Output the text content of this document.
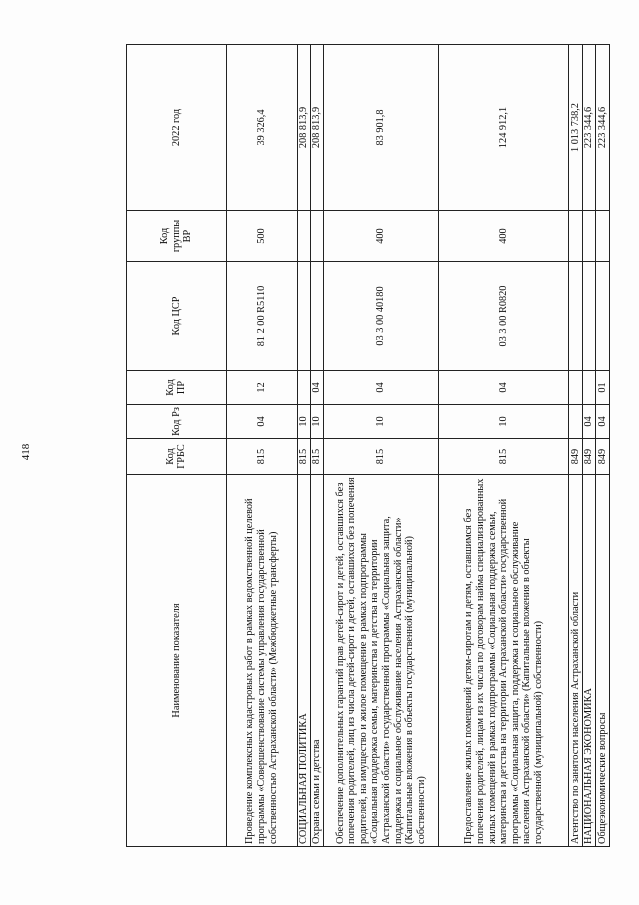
418
Наименование показателя	Код ГРБС	Код Рз	Код ПР	Код ЦСР	Код группы ВР	2022 год
Проведение комплексных кадастровых работ в рамках ведомственной целевой программы «Совершенствование системы управления государственной собственностью Астраханской области» (Межбюджетные трансферты)	815	04	12	81 2 00 R5110	500	39 326,4
СОЦИАЛЬНАЯ ПОЛИТИКА	815	10				208 813,9
Охрана семьи и детства	815	10	04			208 813,9
Обеспечение дополнительных гарантий прав детей-сирот и детей, оставшихся без попечения родителей, лиц из числа детей-сирот и детей, оставшихся без попечения родителей, на имущество и жилое помещение в рамках подпрограммы «Социальная поддержка семьи, материнства и детства на территории Астраханской области» государственной программы «Социальная защита, поддержка и социальное обслуживание населения Астраханской области» (Капитальные вложения в объекты государственной (муниципальной) собственности)	815	10	04	03 3 00 40180	400	83 901,8
Предоставление жилых помещений детям-сиротам и детям, оставшимся без попечения родителей, лицам из их числа по договорам найма специализированных жилых помещений в рамках подпрограммы «Социальная поддержка семьи, материнства и детства на территории Астраханской области» государственной программы «Социальная защита, поддержка и социальное обслуживание населения Астраханской области» (Капитальные вложения в объекты государственной (муниципальной) собственности)	815	10	04	03 3 00 R0820	400	124 912,1
Агентство по занятости населения Астраханской области	849					1 013 738,2
НАЦИОНАЛЬНАЯ ЭКОНОМИКА	849	04				223 344,6
Общеэкономические вопросы	849	04	01			223 344,6
